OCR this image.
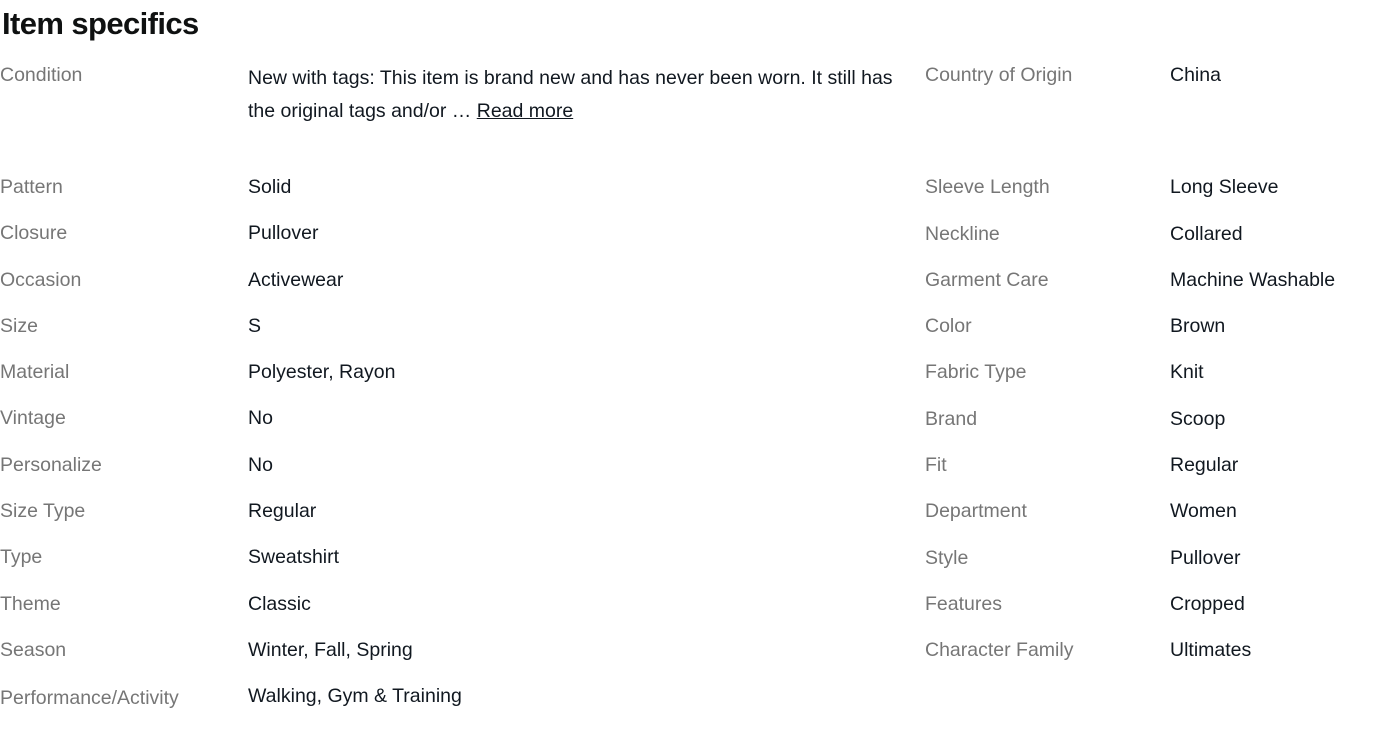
Item specifics
Condition	New with tags: This item is brand new and has never been worn. It still has the original tags and/or … Read more
Pattern	Solid
Closure	Pullover
Occasion	Activewear
Size	S
Material	Polyester, Rayon
Vintage	No
Personalize	No
Size Type	Regular
Type	Sweatshirt
Theme	Classic
Season	Winter, Fall, Spring
Performance/Activity	Walking, Gym & Training
Country of Origin	China
Sleeve Length	Long Sleeve
Neckline	Collared
Garment Care	Machine Washable
Color	Brown
Fabric Type	Knit
Brand	Scoop
Fit	Regular
Department	Women
Style	Pullover
Features	Cropped
Character Family	Ultimates
